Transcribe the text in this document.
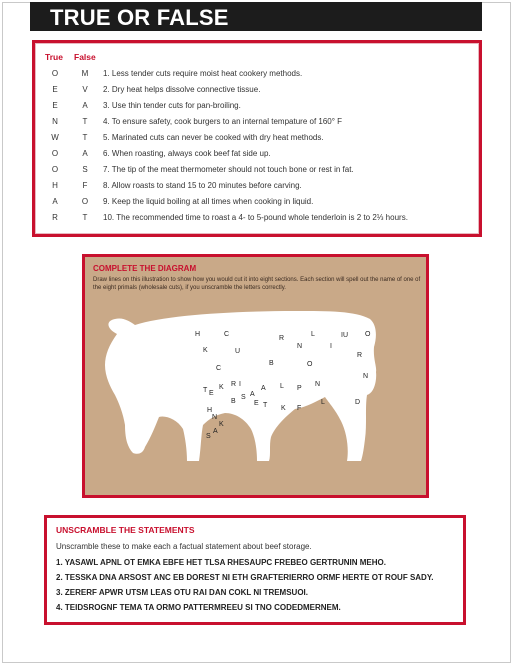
TRUE OR FALSE
True False
O	M	1. Less tender cuts require moist heat cookery methods.
E	V	2. Dry heat helps dissolve connective tissue.
E	A	3. Use thin tender cuts for pan-broiling.
N	T	4. To ensure safety, cook burgers to an internal tempature of 160° F
W	T	5. Marinated cuts can never be cooked with dry heat methods.
O	A	6. When roasting, always cook beef fat side up.
O	S	7. The tip of the meat thermometer should not touch bone or rest in fat.
H	F	8. Allow roasts to stand 15 to 20 minutes before carving.
A	O	9. Keep the liquid boiling at all times when cooking in liquid.
R	T	10. The recommended time to roast a 4- to 5-pound whole tenderloin is 2 to 2⅓ hours.
COMPLETE THE DIAGRAM
Draw lines on this illustration to show how you would cut it into eight sections. Each section will spell out the name of one of the eight primals (wholesale cuts), if you unscramble the letters correctly.
H	C
R
L	I U O
K	U
N	I
C
B	O
R
N
T
R I
A
N
E
K	L P
B
S A
E T K F
L	D
H
N
K
A
S
UNSCRAMBLE THE STATEMENTS
Unscramble these to make each a factual statement about beef storage.
1. YASAWL APNL OT EMKA EBFE HET TLSA RHESAUPC FREBEO GERTRUNIN MEHO.
2. TESSKA DNA ARSOST ANC EB DOREST NI ETH GRAFTERIERRO ORMF HERTE OT ROUF SADY.
3. ZERERF APWR UTSM LEAS OTU RAI DAN COKL NI TREMSUOI.
4. TEIDSROGNF TEMA TA ORMO PATTERMREEU SI TNO CODEDMERNEM.
